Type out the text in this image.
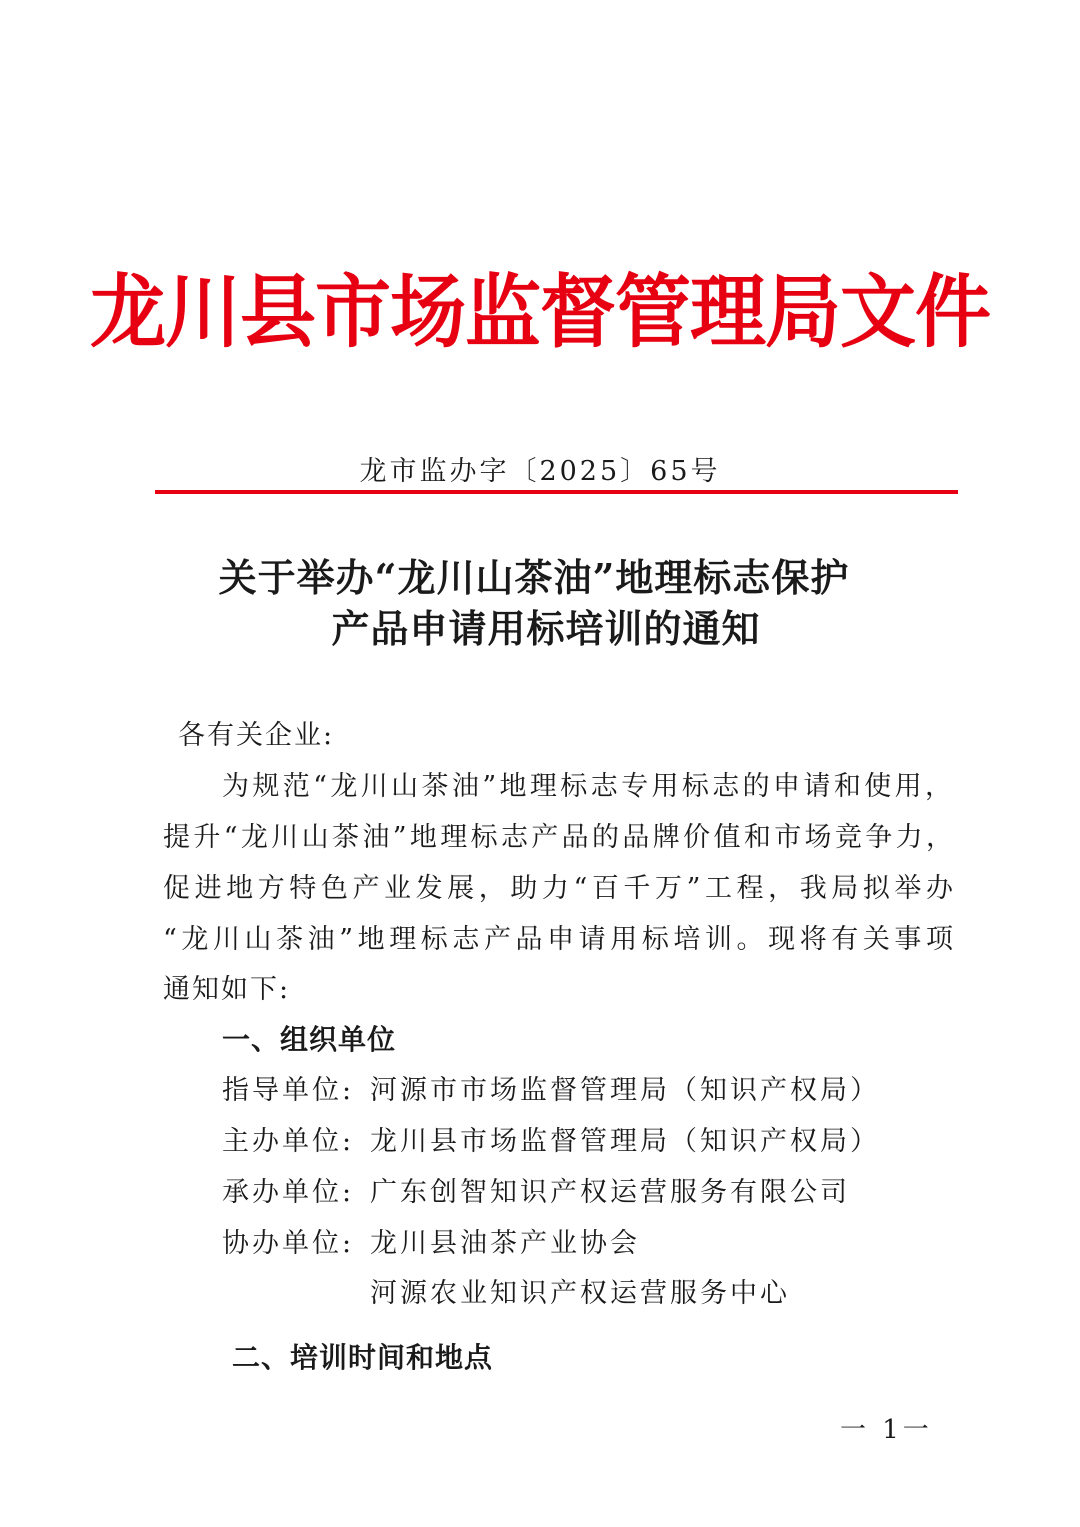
龙川县市场监督管理局文件
龙市监办字〔2025〕65号
关于举办“龙川山茶油”地理标志保护
产品申请用标培训的通知
各有关企业:
为规范“龙川山茶油”地理标志专用标志的申请和使用，
提升“龙川山茶油”地理标志产品的品牌价值和市场竞争力，
促进地方特色产业发展，助力“百千万”工程，我局拟举办
“龙川山茶油”地理标志产品申请用标培训。现将有关事项
通知如下:
一、组织单位
指导单位: 河源市市场监督管理局（知识产权局）
主办单位: 龙川县市场监督管理局（知识产权局）
承办单位: 广东创智知识产权运营服务有限公司
协办单位: 龙川县油茶产业协会
河源农业知识产权运营服务中心
二、培训时间和地点
一 1一
